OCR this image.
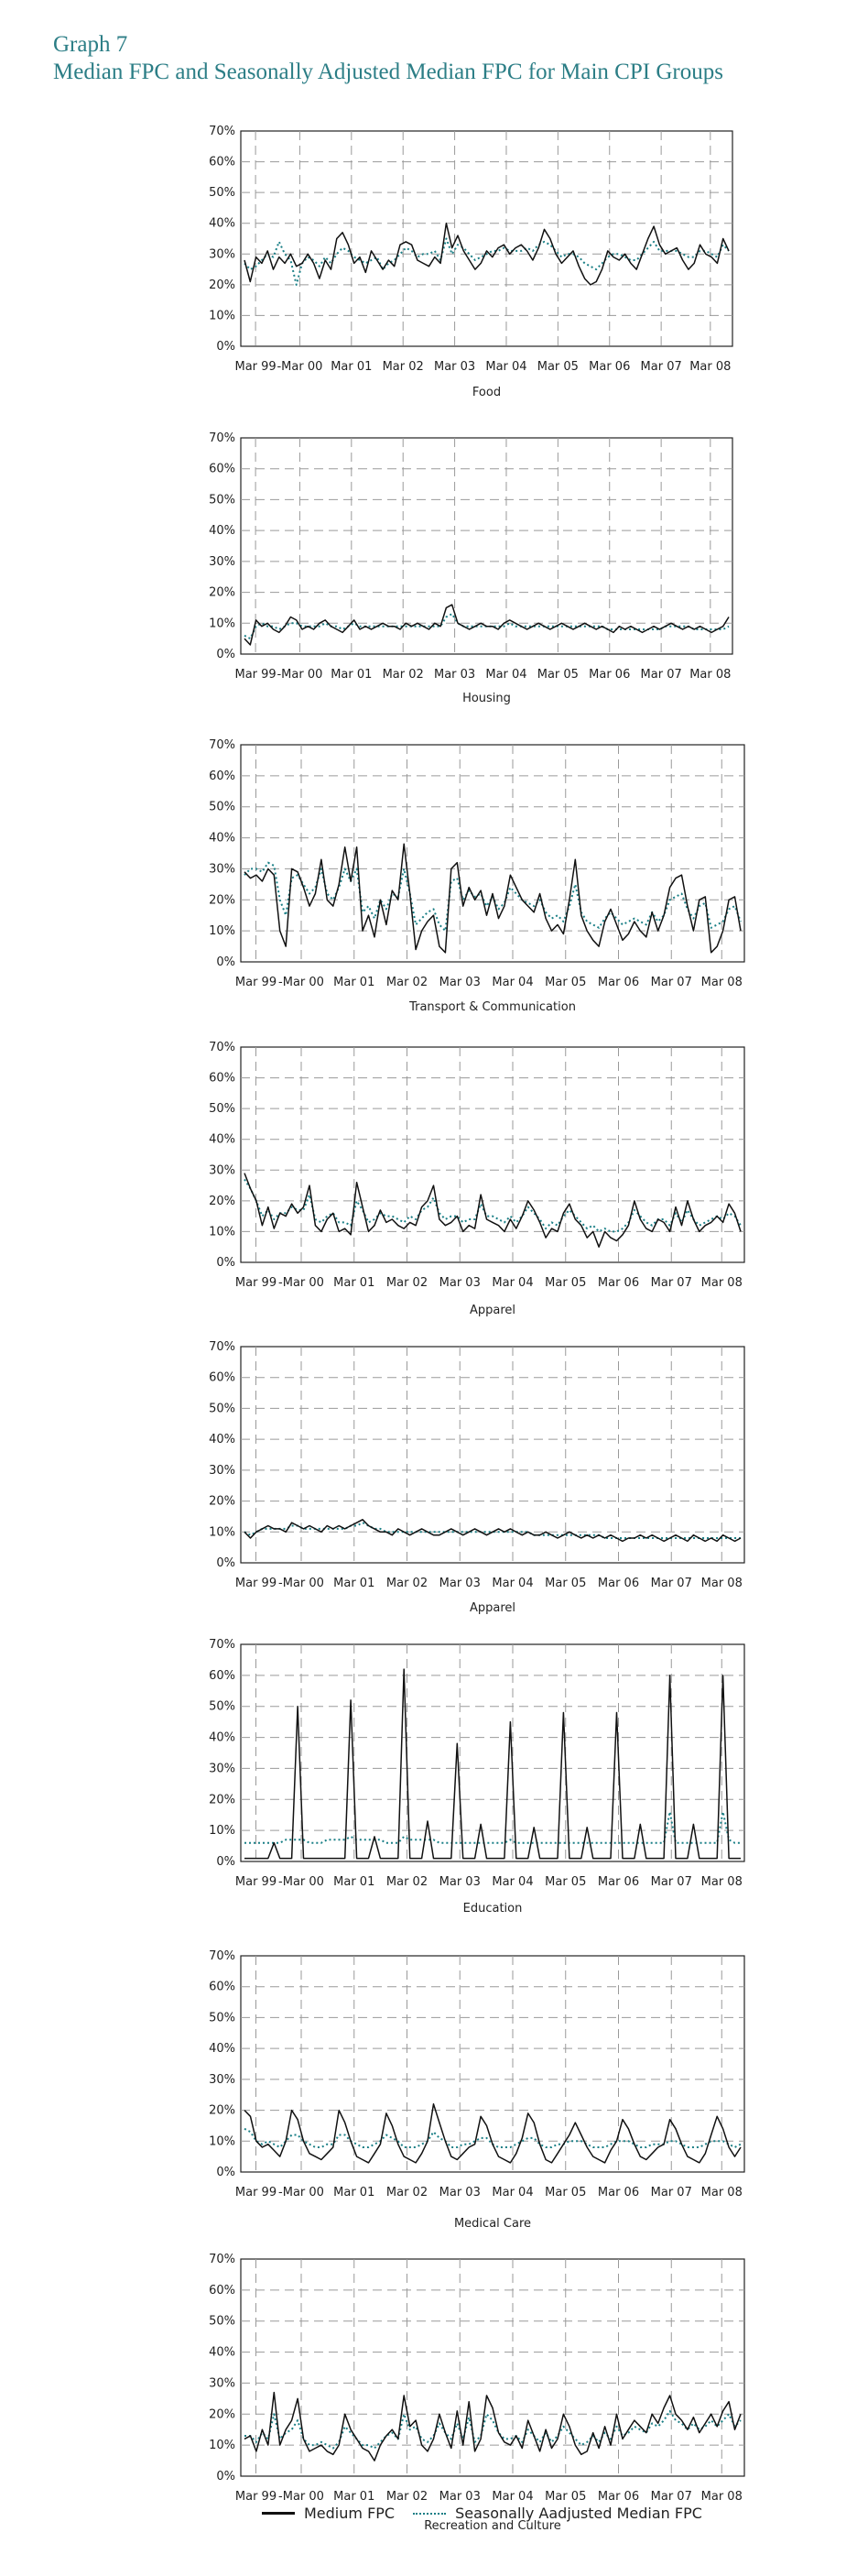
Graph 7
Median FPC and Seasonally Adjusted Median FPC for Main CPI Groups
0%
10%
20%
30%
40%
50%
60%
70%
Mar 99 -Mar 00 Mar 01 Mar 02 Mar 03 Mar 04 Mar 05 Mar 06 Mar 07 Mar 08
Food
0%
10%
20%
30%
40%
50%
60%
70%
Mar 99 -Mar 00 Mar 01 Mar 02 Mar 03 Mar 04 Mar 05 Mar 06 Mar 07 Mar 08
Housing
0%
10%
20%
30%
40%
50%
60%
70%
Mar 99 -Mar 00 Mar 01 Mar 02 Mar 03 Mar 04 Mar 05 Mar 06 Mar 07 Mar 08
Transport & Communication
0%
10%
20%
30%
40%
50%
60%
70%
Mar 99 -Mar 00 Mar 01 Mar 02 Mar 03 Mar 04 Mar 05 Mar 06 Mar 07 Mar 08
Apparel
0%
10%
20%
30%
40%
50%
60%
70%
Mar 99 -Mar 00 Mar 01 Mar 02 Mar 03 Mar 04 Mar 05 Mar 06 Mar 07 Mar 08
Apparel
0%
10%
20%
30%
40%
50%
60%
70%
Mar 99 -Mar 00 Mar 01 Mar 02 Mar 03 Mar 04 Mar 05 Mar 06 Mar 07 Mar 08
Education
0%
10%
20%
30%
40%
50%
60%
70%
Mar 99 -Mar 00 Mar 01 Mar 02 Mar 03 Mar 04 Mar 05 Mar 06 Mar 07 Mar 08
Medical Care
0%
10%
20%
30%
40%
50%
60%
70%
Mar 99 -Mar 00 Mar 01 Mar 02 Mar 03 Mar 04 Mar 05 Mar 06 Mar 07 Mar 08
Recreation and Culture
Medium FPC	Seasonally Aadjusted Median FPC
